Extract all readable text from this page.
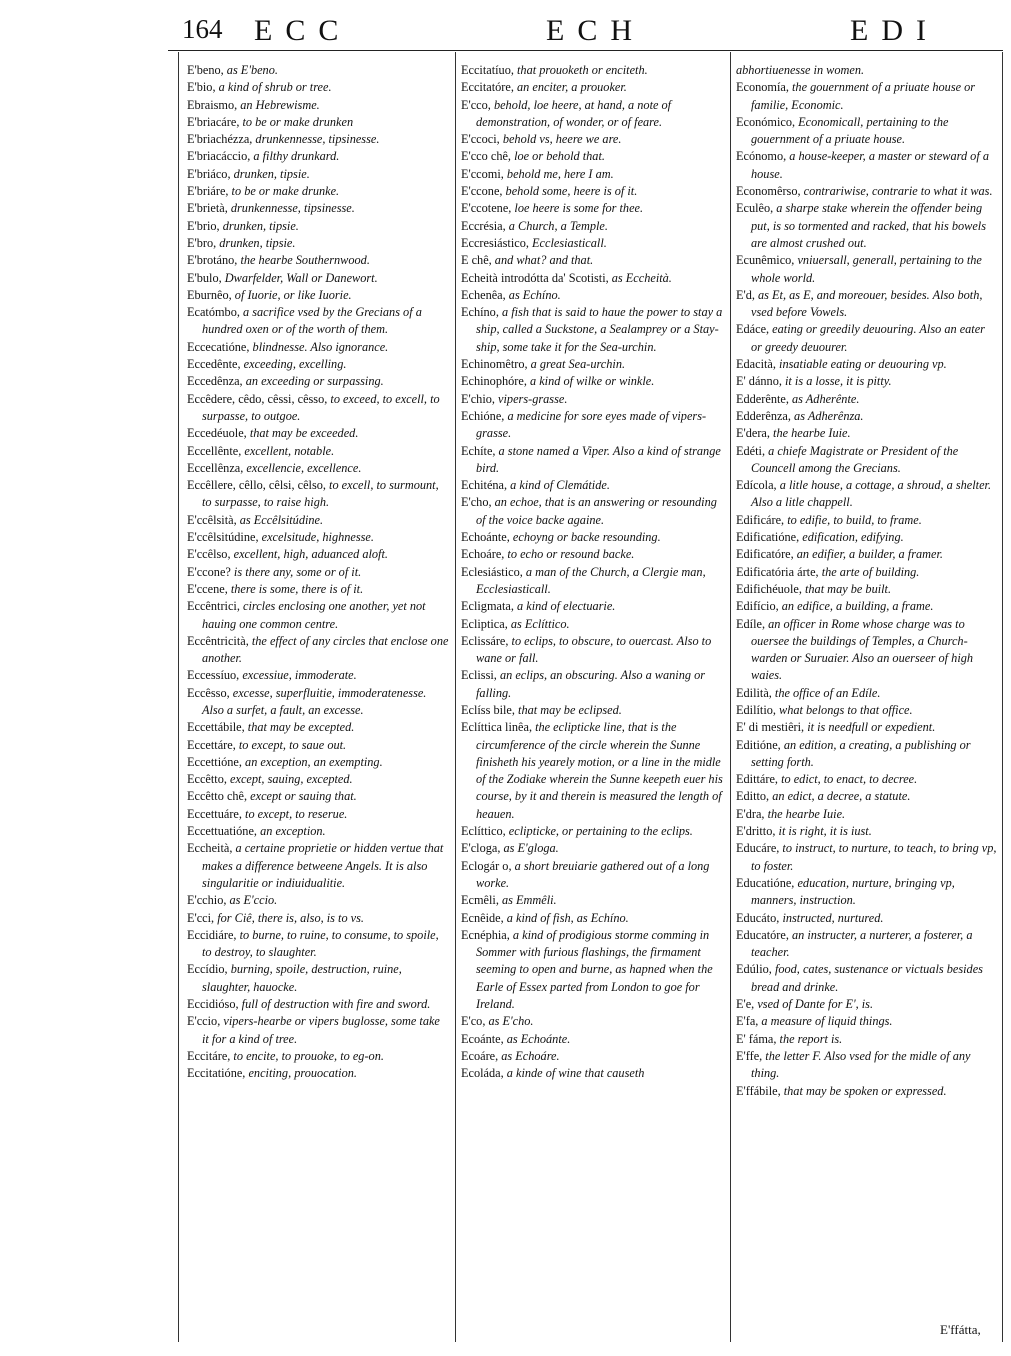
164 ECC	ECH	EDI

E'beno, as E'beno.

E'bio, a kind of shrub or tree.

Ebraismo, an Hebrewisme.

E'briacáre, to be or make drunken

E'briachézza, drunkennesse, tipsinesse.

E'briacáccio, a filthy drunkard.

E'briáco, drunken, tipsie.

E'briáre, to be or make drunke.

E'brietà, drunkennesse, tipsinesse.

E'brio, drunken, tipsie.

E'bro, drunken, tipsie.

E'brotáno, the hearbe Southernwood.

E'bulo, Dwarfelder, Wall or Danewort.

Eburnêo, of Iuorie, or like Iuorie.

Ecatómbo, a sacrifice vsed by the Grecians of a hundred oxen or of the worth of them.

Eccecatióne, blindnesse. Also ignorance.

Eccedênte, exceeding, excelling.

Eccedênza, an exceeding or surpassing.

Eccêdere, cêdo, cêssi, cêsso, to exceed, to excell, to surpasse, to outgoe.

Eccedéuole, that may be exceeded.

Eccellênte, excellent, notable.

Eccellênza, excellencie, excellence.

Eccêllere, cêllo, cêlsi, cêlso, to excell, to surmount, to surpasse, to raise high.

E'ccêlsità, as Eccêlsitúdine.

E'ccêlsitúdine, excelsitude, highnesse.

E'ccêlso, excellent, high, aduanced aloft.

E'ccone? is there any, some or of it.

E'ccene, there is some, there is of it.

Eccêntrici, circles enclosing one another, yet not hauing one common centre.

Eccêntricità, the effect of any circles that enclose one another.

Eccessíuo, excessiue, immoderate.

Eccêsso, excesse, superfluitie, immoderatenesse. Also a surfet, a fault, an excesse.

Eccettábile, that may be excepted.

Eccettáre, to except, to saue out.

Eccettióne, an exception, an exempting.

Eccêtto, except, sauing, excepted.

Eccêtto chê, except or sauing that.

Eccettuáre, to except, to reserue.

Eccettuatióne, an exception.

Eccheità, a certaine proprietie or hidden vertue that makes a difference betweene Angels. It is also singularitie or indiuidualitie.

E'cchio, as E'ccio.

E'cci, for Ciê, there is, also, is to vs.

Eccidiáre, to burne, to ruine, to consume, to spoile, to destroy, to slaughter.

Eccídio, burning, spoile, destruction, ruine, slaughter, hauocke.

Eccidióso, full of destruction with fire and sword.

E'ccio, vipers-hearbe or vipers buglosse, some take it for a kind of tree.

Eccitáre, to encite, to prouoke, to eg-on.

Eccitatióne, enciting, prouocation.

Eccitatíuo, that prouoketh or enciteth.

Eccitatóre, an enciter, a prouoker.

E'cco, behold, loe heere, at hand, a note of demonstration, of wonder, or of feare.

E'ccoci, behold vs, heere we are.

E'cco chê, loe or behold that.

E'ccomi, behold me, here I am.

E'ccone, behold some, heere is of it.

E'ccotene, loe heere is some for thee.

Eccrésia, a Church, a Temple.

Eccresiástico, Ecclesiasticall.

E chê, and what? and that.

Echeità introdótta da' Scotisti, as Eccheità.

Echenêa, as Echíno.

Echíno, a fish that is said to haue the power to stay a ship, called a Suckstone, a Sealamprey or a Stay-ship, some take it for the Sea-urchin.

Echinomêtro, a great Sea-urchin.

Echinophóre, a kind of wilke or winkle.

E'chio, vipers-grasse.

Echióne, a medicine for sore eyes made of vipers-grasse.

Echíte, a stone named a Viper. Also a kind of strange bird.

Echiténa, a kind of Clemátide.

E'cho, an echoe, that is an answering or resounding of the voice backe againe.

Echoánte, echoyng or backe resounding.

Echoáre, to echo or resound backe.

Eclesiástico, a man of the Church, a Clergie man, Ecclesiasticall.

Ecligmata, a kind of electuarie.

Ecliptica, as Eclíttico.

Eclissáre, to eclips, to obscure, to ouercast. Also to wane or fall.

Eclissi, an eclips, an obscuring. Also a waning or falling.

Eclíss bile, that may be eclipsed.

Eclíttica linêa, the eclipticke line, that is the circumference of the circle wherein the Sunne finisheth his yearely motion, or a line in the midle of the Zodiake wherein the Sunne keepeth euer his course, by it and therein is measured the length of heauen.

Eclíttico, eclipticke, or pertaining to the eclips.

E'cloga, as E'gloga.

Eclogár o, a short breuiarie gathered out of a long worke.

Ecmêli, as Emmêli.

Ecnêide, a kind of fish, as Echíno.

Ecnéphia, a kind of prodigious storme comming in Sommer with furious flashings, the firmament seeming to open and burne, as hapned when the Earle of Essex parted from London to goe for Ireland.

E'co, as E'cho.

Ecoánte, as Echoánte.

Ecoáre, as Echoáre.

Ecoláda, a kinde of wine that causeth

abhortiuenesse in women.

Economía, the gouernment of a priuate house or familie, Economic.

Económico, Economicall, pertaining to the gouernment of a priuate house.

Ecónomo, a house-keeper, a master or steward of a house.

Economêrso, contrariwise, contrarie to what it was.

Eculêo, a sharpe stake wherein the offender being put, is so tormented and racked, that his bowels are almost crushed out.

Ecunêmico, vniuersall, generall, pertaining to the whole world.

E'd, as Et, as E, and moreouer, besides. Also both, vsed before Vowels.

Edáce, eating or greedily deuouring. Also an eater or greedy deuourer.

Edacità, insatiable eating or deuouring vp.

E' dánno, it is a losse, it is pitty.

Edderênte, as Adherênte.

Edderênza, as Adherênza.

E'dera, the hearbe Iuie.

Edéti, a chiefe Magistrate or President of the Councell among the Grecians.

Edícola, a litle house, a cottage, a shroud, a shelter. Also a litle chappell.

Edificáre, to edifie, to build, to frame.

Edificatióne, edification, edifying.

Edificatóre, an edifier, a builder, a framer.

Edificatória árte, the arte of building.

Edifichéuole, that may be built.

Edifício, an edifice, a building, a frame.

Edíle, an officer in Rome whose charge was to ouersee the buildings of Temples, a Church-warden or Suruaier. Also an ouerseer of high waies.

Edilità, the office of an Edíle.

Edilítio, what belongs to that office.

E' di mestiêri, it is needfull or expedient.

Editióne, an edition, a creating, a publishing or setting forth.

Edittáre, to edict, to enact, to decree.

Editto, an edict, a decree, a statute.

E'dra, the hearbe Iuie.

E'dritto, it is right, it is iust.

Educáre, to instruct, to nurture, to teach, to bring vp, to foster.

Educatióne, education, nurture, bringing vp, manners, instruction.

Educáto, instructed, nurtured.

Educatóre, an instructer, a nurterer, a fosterer, a teacher.

Edúlio, food, cates, sustenance or victuals besides bread and drinke.

E'e, vsed of Dante for E', is.

E'fa, a measure of liquid things.

E' fáma, the report is.

E'ffe, the letter F. Also vsed for the midle of any thing.

E'ffábile, that may be spoken or expressed.

E'ffátta,
